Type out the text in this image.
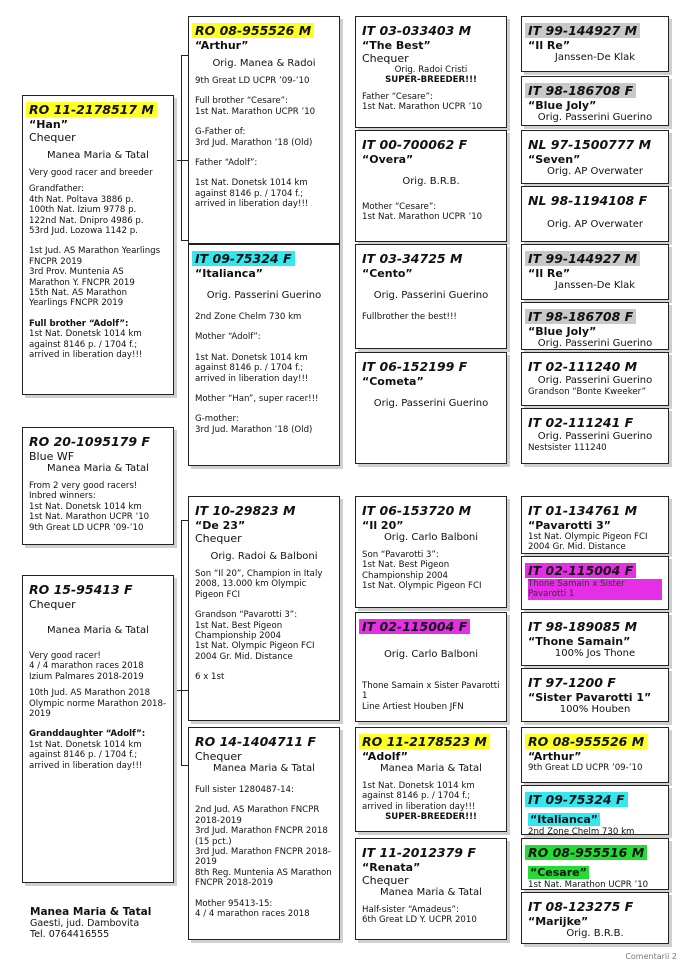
RO 11-2178517 M
“Han”
Chequer
Manea Maria & Tatal
Very good racer and breeder
Grandfather:
4th Nat. Poltava 3886 p.
100th Nat. Izium 9778 p.
122nd Nat. Dnipro 4986 p.
53rd Jud. Lozowa 1142 p.
1st Jud. AS Marathon Yearlings FNCPR 2019
3rd Prov. Muntenia AS Marathon Y. FNCPR 2019
15th Nat. AS Marathon Yearlings FNCPR 2019
Full brother “Adolf”:
1st Nat. Donetsk 1014 km against 8146 p. / 1704 f.; arrived in liberation day!!!
RO 20-1095179 F
Blue WF
Manea Maria & Tatal
From 2 very good racers!
Inbred winners:
1st Nat. Donetsk 1014 km
1st Nat. Marathon UCPR ’10
9th Great LD UCPR ’09-’10
RO 15-95413 F
Chequer
Manea Maria & Tatal
Very good racer!
4 / 4 marathon races 2018
Izium Palmares 2018-2019
10th Jud. AS Marathon 2018
Olympic norme Marathon 2018-2019
Granddaughter “Adolf”:
1st Nat. Donetsk 1014 km against 8146 p. / 1704 f.; arrived in liberation day!!!
Manea Maria & Tatal
Gaesti, jud. Dambovita
Tel. 0764416555
RO 08-955526 M
“Arthur”
Orig. Manea & Radoi
9th Great LD UCPR ’09-’10
Full brother “Cesare”:
1st Nat. Marathon UCPR ’10
G-Father of:
3rd Jud. Marathon ’18 (Old)
Father “Adolf”:
1st Nat. Donetsk 1014 km against 8146 p. / 1704 f.; arrived in liberation day!!!
IT 09-75324 F
“Italianca”
Orig. Passerini Guerino
2nd Zone Chelm 730 km
Mother “Adolf”:
1st Nat. Donetsk 1014 km against 8146 p. / 1704 f.; arrived in liberation day!!!
Mother “Han”, super racer!!!
G-mother:
3rd Jud. Marathon ’18 (Old)
IT 10-29823 M
“De 23”
Chequer
Orig. Radoi & Balboni
Son “Il 20”, Champion in Italy 2008, 13.000 km Olympic Pigeon FCI
Grandson “Pavarotti 3”:
1st Nat. Best Pigeon Championship 2004
1st Nat. Olympic Pigeon FCI 2004 Gr. Mid. Distance
6 x 1st
RO 14-1404711 F
Chequer
Manea Maria & Tatal
Full sister 1280487-14:
2nd Jud. AS Marathon FNCPR 2018-2019
3rd Jud. Marathon FNCPR 2018 (15 pct.)
3rd Jud. Marathon FNCPR 2018-2019
8th Reg. Muntenia AS Marathon FNCPR 2018-2019
Mother 95413-15:
4 / 4 marathon races 2018
IT 03-033403 M
“The Best”
Chequer
Orig. Radoi Cristi
SUPER-BREEDER!!!
Father “Cesare”:
1st Nat. Marathon UCPR ’10
IT 00-700062 F
“Overa”
Orig. B.R.B.
Mother “Cesare”:
1st Nat. Marathon UCPR ’10
IT 03-34725 M
“Cento”
Orig. Passerini Guerino
Fullbrother the best!!!
IT 06-152199 F
“Cometa”
Orig. Passerini Guerino
IT 06-153720 M
“Il 20”
Orig. Carlo Balboni
Son “Pavarotti 3”:
1st Nat. Best Pigeon Championship 2004
1st Nat. Olympic Pigeon FCI
IT 02-115004 F
Orig. Carlo Balboni
Thone Samain x Sister Pavarotti 1
Line Artiest Houben JFN
RO 11-2178523 M
“Adolf”
Manea Maria & Tatal
1st Nat. Donetsk 1014 km against 8146 p. / 1704 f.; arrived in liberation day!!!
SUPER-BREEDER!!!
IT 11-2012379 F
“Renata”
Chequer
Manea Maria & Tatal
Half-sister “Amadeus”:
6th Great LD Y. UCPR 2010
IT 99-144927 M
“Il Re”
Janssen-De Klak
IT 98-186708 F
“Blue Joly”
Orig. Passerini Guerino
NL 97-1500777 M
“Seven”
Orig. AP Overwater
NL 98-1194108 F
Orig. AP Overwater
IT 99-144927 M
“Il Re”
Janssen-De Klak
IT 98-186708 F
“Blue Joly”
Orig. Passerini Guerino
IT 02-111240 M
Orig. Passerini Guerino
Grandson “Bonte Kweeker”
IT 02-111241 F
Orig. Passerini Guerino
Nestsister 111240
IT 01-134761 M
“Pavarotti 3”
1st Nat. Olympic Pigeon FCI 2004 Gr. Mid. Distance
IT 02-115004 F
Thone Samain x Sister Pavarotti 1
IT 98-189085 M
“Thone Samain”
100% Jos Thone
IT 97-1200 F
“Sister Pavarotti 1”
100% Houben
RO 08-955526 M
“Arthur”
9th Great LD UCPR ’09-’10
IT 09-75324 F “Italianca”
2nd Zone Chelm 730 km
RO 08-955516 M “Cesare”
1st Nat. Marathon UCPR ’10
IT 08-123275 F
“Marijke”
Orig. B.R.B.
Comentarii 2
